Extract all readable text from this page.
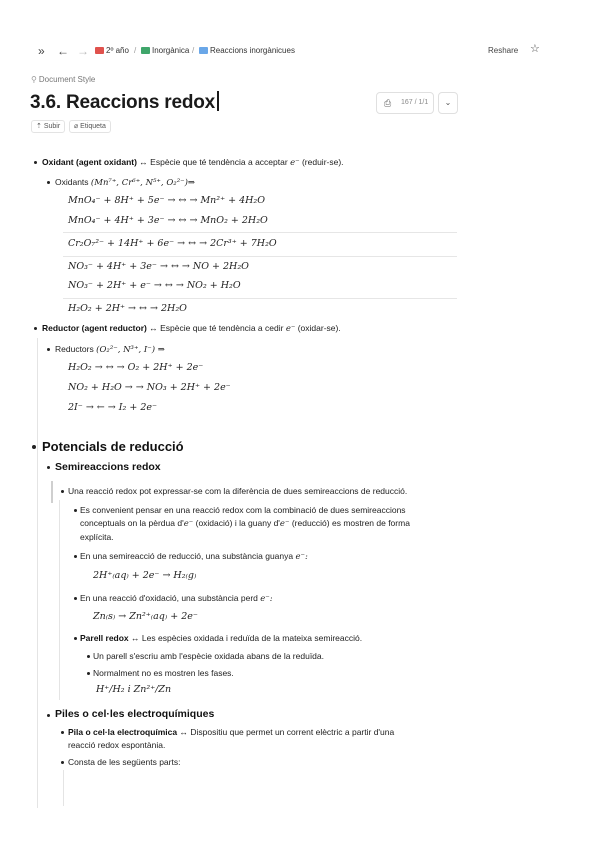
» ← →	2º año /	Inorgànica /	Reaccions inorgànicues	Reshare ☆
⚲ Document Style
3.6. Reaccions redox	⎙ 167 / 1/1	⌄
⇡ Subir	⌀ Etiqueta
Oxidant (agent oxidant) ↔ Espècie que té tendència a acceptar e⁻ (reduir-se).
Oxidants (Mn⁷⁺, Cr⁶⁺, N⁵⁺, O₂²⁻)⇒
MnO₄⁻ + 8H⁺ + 5e⁻ → ↔ → Mn²⁺ + 4H₂O
MnO₄⁻ + 4H⁺ + 3e⁻ → ↔ → MnO₂ + 2H₂O
Cr₂O₇²⁻ + 14H⁺ + 6e⁻ → ↔ → 2Cr³⁺ + 7H₂O
NO₃⁻ + 4H⁺ + 3e⁻ → ↔ → NO + 2H₂O
NO₃⁻ + 2H⁺ + e⁻ → ↔ → NO₂ + H₂O
H₂O₂ + 2H⁺ → ↔ → 2H₂O
Reductor (agent reductor) ↔ Espècie que té tendència a cedir e⁻ (oxidar-se).
Reductors (O₂²⁻, N³⁺, I⁻) ⇒
H₂O₂ → ↔ → O₂ + 2H⁺ + 2e⁻
NO₂ + H₂O → → NO₃ + 2H⁺ + 2e⁻
2I⁻ → ← → I₂ + 2e⁻
Potencials de reducció
Semireaccions redox
Una reacció redox pot expressar-se com la diferència de dues semireaccions de reducció.
Es convenient pensar en una reacció redox com la combinació de dues semireaccions
conceptuals on la pèrdua d'e⁻ (oxidació) i la guany d'e⁻ (reducció) es mostren de forma
explícita.
En una semireacció de reducció, una substància guanya e⁻:
2H⁺₍aq₎ + 2e⁻ → H₂₍g₎
En una reacció d'oxidació, una substància perd e⁻:
Zn₍s₎ → Zn²⁺₍aq₎ + 2e⁻
Parell redox ↔ Les espècies oxidada i reduïda de la mateixa semireacció.
Un parell s'escriu amb l'espècie oxidada abans de la reduïda.
Normalment no es mostren les fases.
H⁺/H₂ i Zn²⁺/Zn
Piles o cel·les electroquímiques
Pila o cel·la electroquímica ↔ Dispositiu que permet un corrent elèctric a partir d'una
reacció redox espontània.
Consta de les següents parts:
